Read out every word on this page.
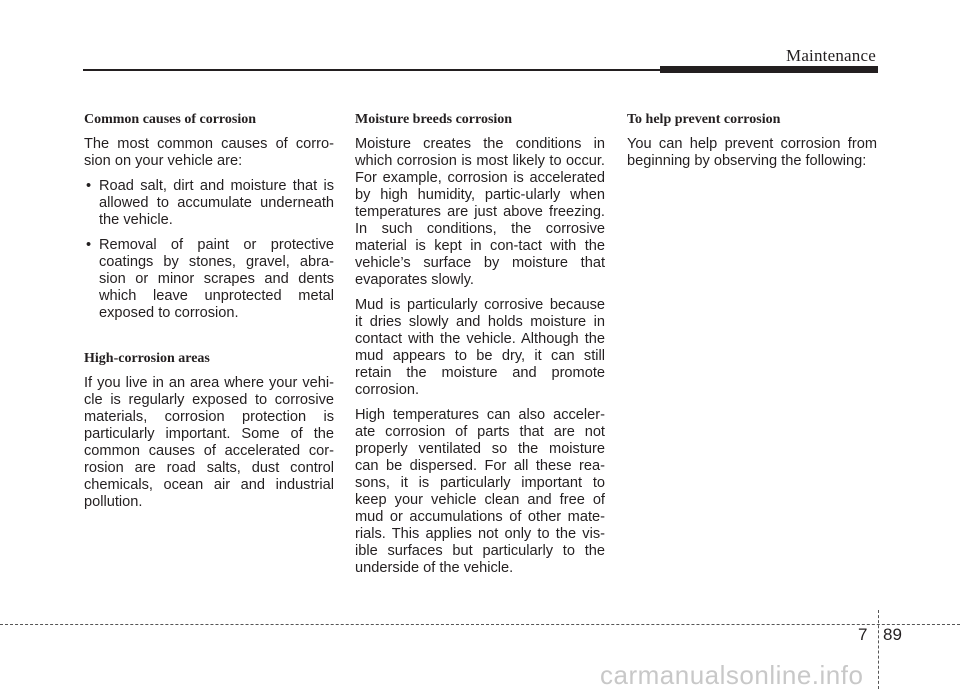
Maintenance
Common causes of corrosion
The most common causes of corro-sion on your vehicle are:
• Road salt, dirt and moisture that is allowed to accumulate underneath the vehicle.
• Removal of paint or protective coatings by stones, gravel, abra-sion or minor scrapes and dents which leave unprotected metal exposed to corrosion.
High-corrosion areas
If you live in an area where your vehi-cle is regularly exposed to corrosive materials, corrosion protection is particularly important. Some of the common causes of accelerated cor-rosion are road salts, dust control chemicals, ocean air and industrial pollution.
Moisture breeds corrosion
Moisture creates the conditions in which corrosion is most likely to occur. For example, corrosion is accelerated by high humidity, partic-ularly when temperatures are just above freezing. In such conditions, the corrosive material is kept in con-tact with the vehicle’s surface by moisture that evaporates slowly.
Mud is particularly corrosive because it dries slowly and holds moisture in contact with the vehicle. Although the mud appears to be dry, it can still retain the moisture and promote corrosion.
High temperatures can also acceler-ate corrosion of parts that are not properly ventilated so the moisture can be dispersed. For all these rea-sons, it is particularly important to keep your vehicle clean and free of mud or accumulations of other mate-rials. This applies not only to the vis-ible surfaces but particularly to the underside of the vehicle.
To help prevent corrosion
You can help prevent corrosion from beginning by observing the following:
7 89
carmanualsonline.info
